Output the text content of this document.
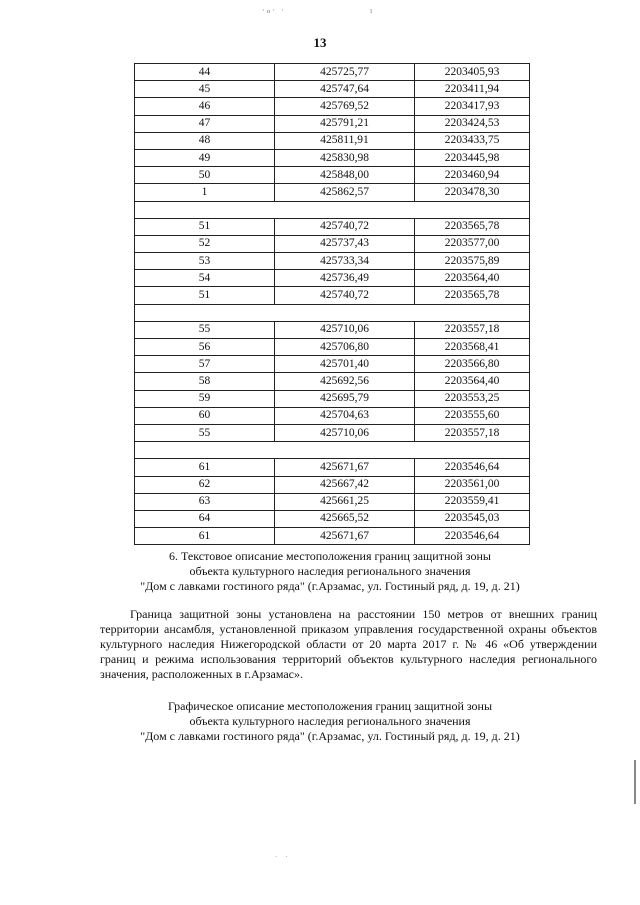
·ℴ· ·	ı
13
44	425725,77	2203405,93
45	425747,64	2203411,94
46	425769,52	2203417,93
47	425791,21	2203424,53
48	425811,91	2203433,75
49	425830,98	2203445,98
50	425848,00	2203460,94
1	425862,57	2203478,30

51	425740,72	2203565,78
52	425737,43	2203577,00
53	425733,34	2203575,89
54	425736,49	2203564,40
51	425740,72	2203565,78

55	425710,06	2203557,18
56	425706,80	2203568,41
57	425701,40	2203566,80
58	425692,56	2203564,40
59	425695,79	2203553,25
60	425704,63	2203555,60
55	425710,06	2203557,18

61	425671,67	2203546,64
62	425667,42	2203561,00
63	425661,25	2203559,41
64	425665,52	2203545,03
61	425671,67	2203546,64
6. Текстовое описание местоположения границ защитной зоны
объекта культурного наследия регионального значения
"Дом с лавками гостиного ряда" (г.Арзамас, ул. Гостиный ряд, д. 19, д. 21)
Граница защитной зоны установлена на расстоянии 150 метров от внешних границ территории ансамбля, установленной приказом управления государственной охраны объектов культурного наследия Нижегородской области от 20 марта 2017 г. № 46 «Об утверждении границ и режима использования территорий объектов культурного наследия регионального значения, расположенных в г.Арзамас».
Графическое описание местоположения границ защитной зоны
объекта культурного наследия регионального значения
"Дом с лавками гостиного ряда" (г.Арзамас, ул. Гостиный ряд, д. 19, д. 21)
· ·
